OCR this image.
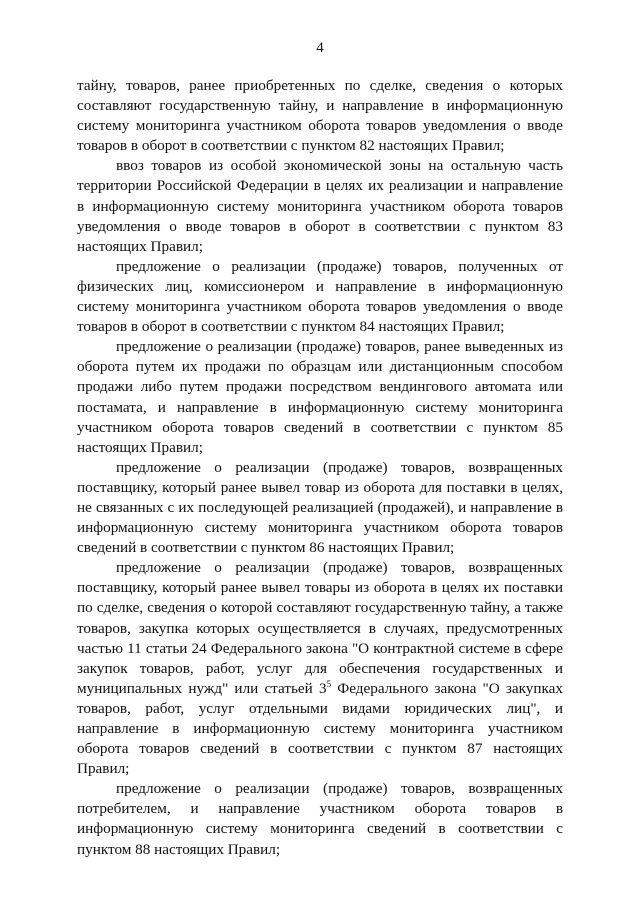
4

тайну, товаров, ранее приобретенных по сделке, сведения о которых составляют государственную тайну, и направление в информационную систему мониторинга участником оборота товаров уведомления о вводе товаров в оборот в соответствии с пунктом 82 настоящих Правил;

ввоз товаров из особой экономической зоны на остальную часть территории Российской Федерации в целях их реализации и направление в информационную систему мониторинга участником оборота товаров уведомления о вводе товаров в оборот в соответствии с пунктом 83 настоящих Правил;

предложение о реализации (продаже) товаров, полученных от физических лиц, комиссионером и направление в информационную систему мониторинга участником оборота товаров уведомления о вводе товаров в оборот в соответствии с пунктом 84 настоящих Правил;

предложение о реализации (продаже) товаров, ранее выведенных из оборота путем их продажи по образцам или дистанционным способом продажи либо путем продажи посредством вендингового автомата или постамата, и направление в информационную систему мониторинга участником оборота товаров сведений в соответствии с пунктом 85 настоящих Правил;

предложение о реализации (продаже) товаров, возвращенных поставщику, который ранее вывел товар из оборота для поставки в целях, не связанных с их последующей реализацией (продажей), и направление в информационную систему мониторинга участником оборота товаров сведений в соответствии с пунктом 86 настоящих Правил;

предложение о реализации (продаже) товаров, возвращенных поставщику, который ранее вывел товары из оборота в целях их поставки по сделке, сведения о которой составляют государственную тайну, а также товаров, закупка которых осуществляется в случаях, предусмотренных частью 11 статьи 24 Федерального закона "О контрактной системе в сфере закупок товаров, работ, услуг для обеспечения государственных и муниципальных нужд" или статьей 3$^5$ Федерального закона "О закупках товаров, работ, услуг отдельными видами юридических лиц", и направление в информационную систему мониторинга участником оборота товаров сведений в соответствии с пунктом 87 настоящих Правил;

предложение о реализации (продаже) товаров, возвращенных потребителем, и направление участником оборота товаров в информационную систему мониторинга сведений в соответствии с пунктом 88 настоящих Правил;
